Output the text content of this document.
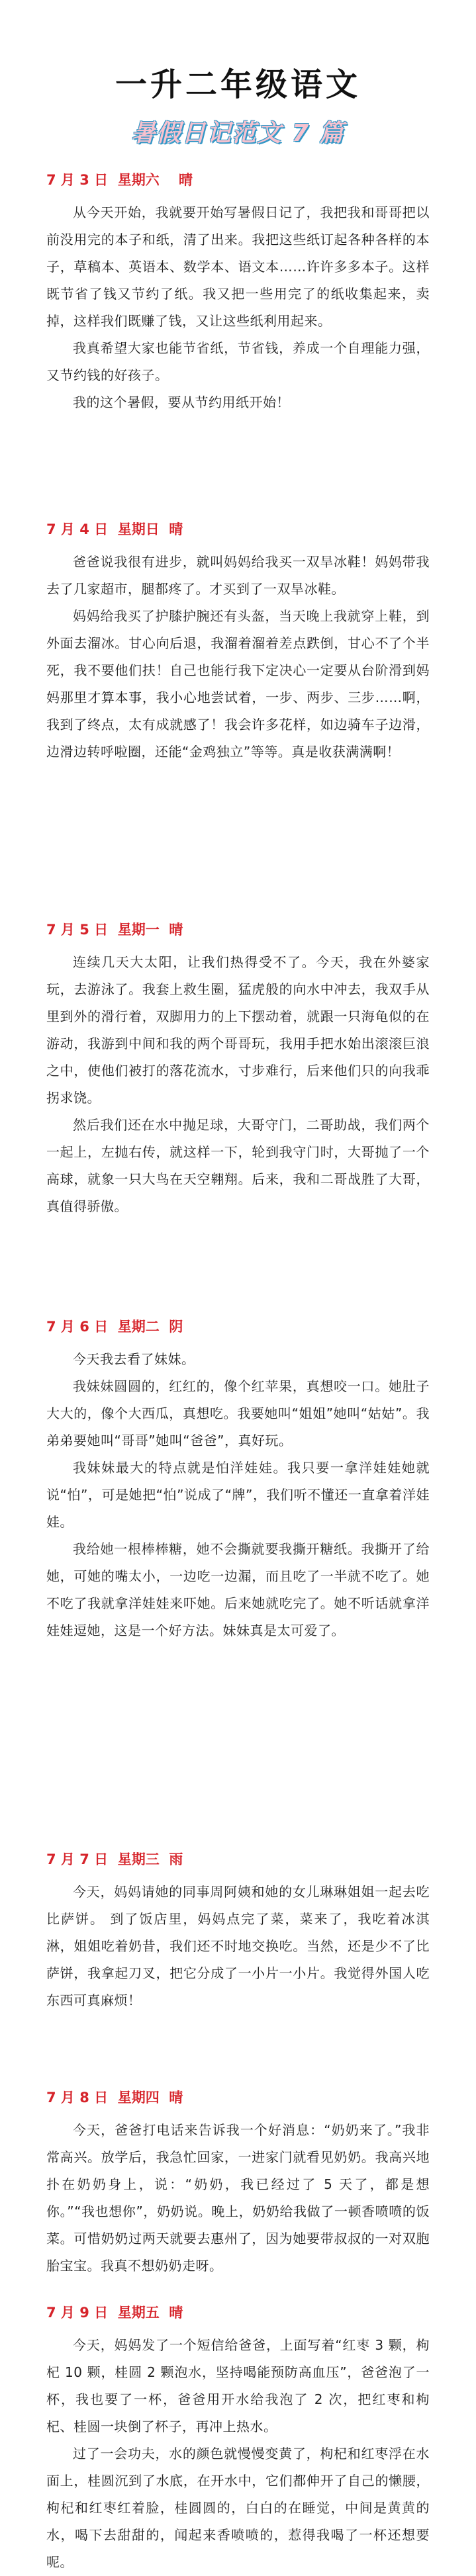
一升二年级语文
暑假日记范文 7 篇
7 月 3 日  星期六    晴

从今天开始，我就要开始写暑假日记了，我把我和哥哥把以前没用完的本子和纸，清了出来。我把这些纸订起各种各样的本子，草稿本、英语本、数学本、语文本……许许多多本子。这样既节省了钱又节约了纸。我又把一些用完了的纸收集起来，卖掉，这样我们既赚了钱，又让这些纸利用起来。

我真希望大家也能节省纸，节省钱，养成一个自理能力强，又节约钱的好孩子。

我的这个暑假，要从节约用纸开始！

7 月 4 日  星期日  晴

爸爸说我很有进步，就叫妈妈给我买一双旱冰鞋！妈妈带我去了几家超市，腿都疼了。才买到了一双旱冰鞋。

妈妈给我买了护膝护腕还有头盔，当天晚上我就穿上鞋，到外面去溜冰。甘心向后退，我溜着溜着差点跌倒，甘心不了个半死，我不要他们扶！自己也能行我下定决心一定要从台阶滑到妈妈那里才算本事，我小心地尝试着，一步、两步、三步……啊，我到了终点，太有成就感了！我会许多花样，如边骑车子边滑，边滑边转呼啦圈，还能“金鸡独立”等等。真是收获满满啊！

7 月 5 日  星期一  晴

连续几天大太阳，让我们热得受不了。今天，我在外婆家玩，去游泳了。我套上救生圈，猛虎般的向水中冲去，我双手从里到外的滑行着，双脚用力的上下摆动着，就跟一只海龟似的在游动，我游到中间和我的两个哥哥玩，我用手把水始出滚滚巨浪之中，使他们被打的落花流水，寸步难行，后来他们只的向我乖拐求饶。

然后我们还在水中抛足球，大哥守门，二哥助战，我们两个一起上，左抛右传，就这样一下，轮到我守门时，大哥抛了一个高球，就象一只大鸟在天空翱翔。后来，我和二哥战胜了大哥，真值得骄傲。

7 月 6 日  星期二  阴

今天我去看了妹妹。

我妹妹圆圆的，红红的，像个红苹果，真想咬一口。她肚子大大的，像个大西瓜，真想吃。我要她叫“姐姐”她叫“姑姑”。我弟弟要她叫“哥哥”她叫“爸爸”，真好玩。

我妹妹最大的特点就是怕洋娃娃。我只要一拿洋娃娃她就说“怕”，可是她把“怕”说成了“牌”，我们听不懂还一直拿着洋娃娃。

我给她一根棒棒糖，她不会撕就要我撕开糖纸。我撕开了给她，可她的嘴太小，一边吃一边漏，而且吃了一半就不吃了。她不吃了我就拿洋娃娃来吓她。后来她就吃完了。她不听话就拿洋娃娃逗她，这是一个好方法。妹妹真是太可爱了。

7 月 7 日  星期三  雨

今天，妈妈请她的同事周阿姨和她的女儿琳琳姐姐一起去吃比萨饼。 到了饭店里，妈妈点完了菜，菜来了，我吃着冰淇淋，姐姐吃着奶昔，我们还不时地交换吃。当然，还是少不了比萨饼，我拿起刀叉，把它分成了一小片一小片。我觉得外国人吃东西可真麻烦！

7 月 8 日  星期四  晴

今天，爸爸打电话来告诉我一个好消息：“奶奶来了。”我非常高兴。放学后，我急忙回家，一进家门就看见奶奶。我高兴地扑在奶奶身上，说：“奶奶，我已经过了 5 天了，都是想你。”“我也想你”，奶奶说。晚上，奶奶给我做了一顿香喷喷的饭菜。可惜奶奶过两天就要去惠州了，因为她要带叔叔的一对双胞胎宝宝。我真不想奶奶走呀。

7 月 9 日  星期五  晴

今天，妈妈发了一个短信给爸爸，上面写着“红枣 3 颗，枸杞 10 颗，桂圆 2 颗泡水，坚持喝能预防高血压”，爸爸泡了一杯，我也要了一杯，爸爸用开水给我泡了 2 次，把红枣和枸杞、桂圆一块倒了杯子，再冲上热水。

过了一会功夫，水的颜色就慢慢变黄了，枸杞和红枣浮在水面上，桂圆沉到了水底，在开水中，它们都伸开了自己的懒腰，枸杞和红枣红着脸，桂圆圆的，白白的在睡觉，中间是黄黄的水，喝下去甜甜的，闻起来香喷喷的，惹得我喝了一杯还想要呢。
